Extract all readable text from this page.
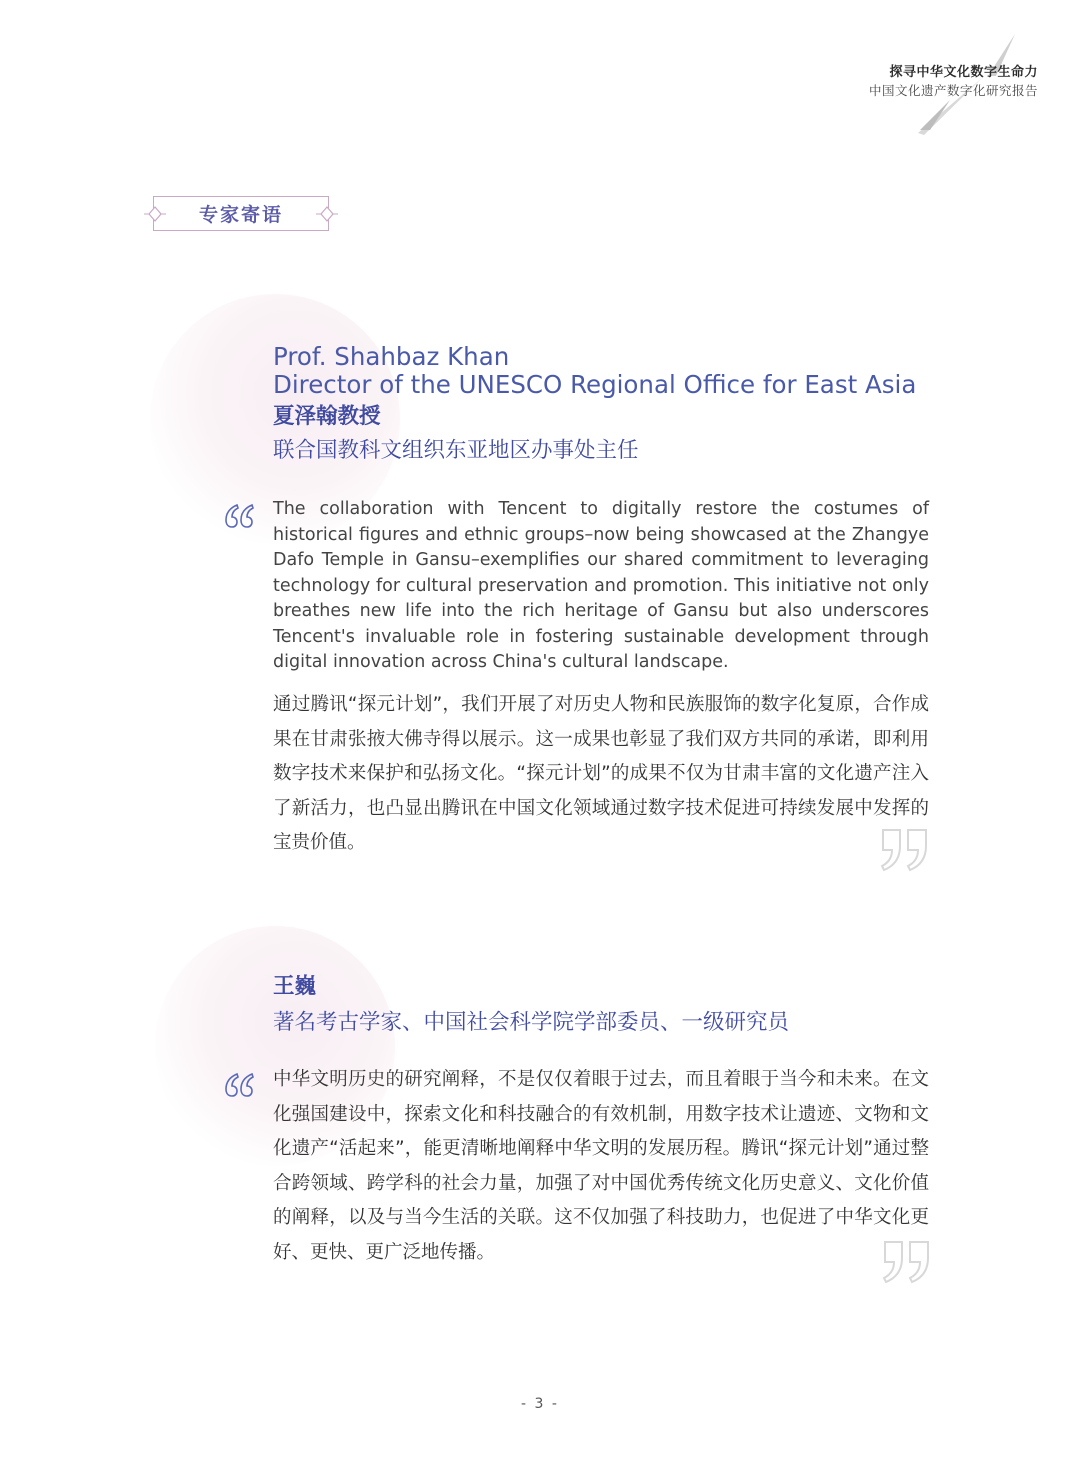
探寻中华文化数字生命力
中国文化遗产数字化研究报告
专家寄语
Prof. Shahbaz Khan
Director of the UNESCO Regional Office for East Asia
夏泽翰教授
联合国教科文组织东亚地区办事处主任
The collaboration with Tencent to digitally restore the costumes of historical figures and ethnic groups–now being showcased at the Zhangye Dafo Temple in Gansu–exemplifies our shared commitment to leveraging technology for cultural preservation and promotion. This initiative not only breathes new life into the rich heritage of Gansu but also underscores Tencent's invaluable role in fostering sustainable development through digital innovation across China's cultural landscape.
通过腾讯“探元计划”，我们开展了对历史人物和民族服饰的数字化复原，合作成果在甘肃张掖大佛寺得以展示。这一成果也彰显了我们双方共同的承诺，即利用数字技术来保护和弘扬文化。“探元计划”的成果不仅为甘肃丰富的文化遗产注入了新活力，也凸显出腾讯在中国文化领域通过数字技术促进可持续发展中发挥的宝贵价值。
王巍
著名考古学家、中国社会科学院学部委员、一级研究员
中华文明历史的研究阐释，不是仅仅着眼于过去，而且着眼于当今和未来。在文化强国建设中，探索文化和科技融合的有效机制，用数字技术让遗迹、文物和文化遗产“活起来”，能更清晰地阐释中华文明的发展历程。腾讯“探元计划”通过整合跨领域、跨学科的社会力量，加强了对中国优秀传统文化历史意义、文化价值的阐释，以及与当今生活的关联。这不仅加强了科技助力，也促进了中华文化更好、更快、更广泛地传播。
- 3 -
